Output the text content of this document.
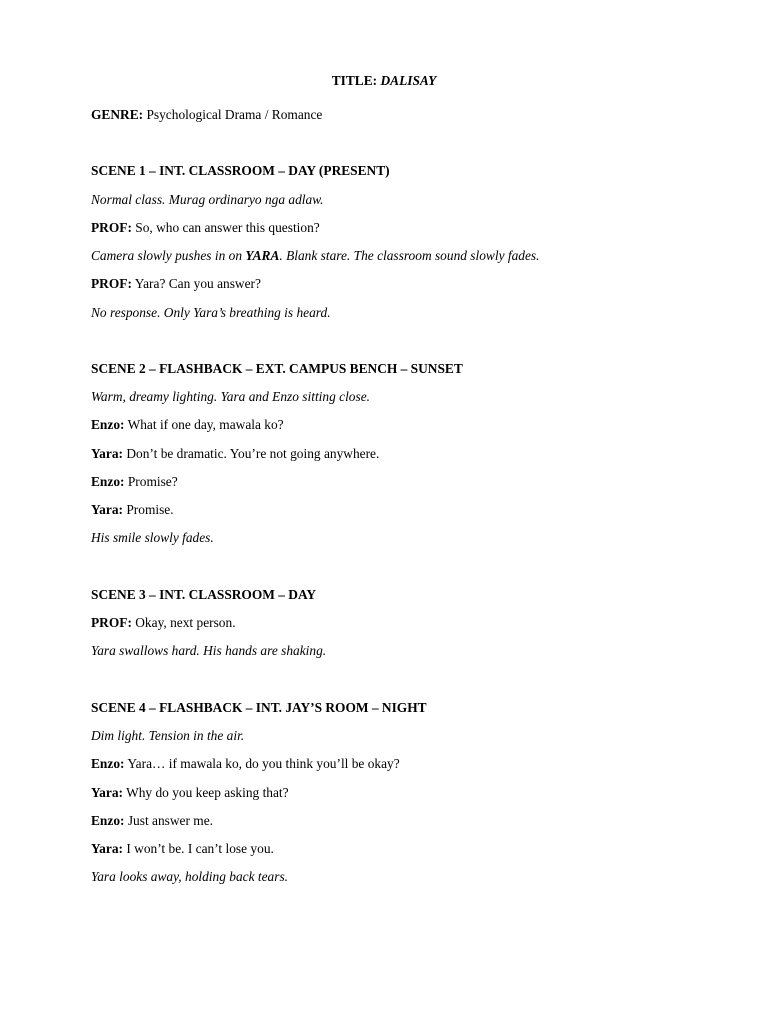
TITLE: DALISAY
GENRE: Psychological Drama / Romance
SCENE 1 – INT. CLASSROOM – DAY (PRESENT)
Normal class. Murag ordinaryo nga adlaw.
PROF: So, who can answer this question?
Camera slowly pushes in on YARA. Blank stare. The classroom sound slowly fades.
PROF: Yara? Can you answer?
No response. Only Yara’s breathing is heard.
SCENE 2 – FLASHBACK – EXT. CAMPUS BENCH – SUNSET
Warm, dreamy lighting. Yara and Enzo sitting close.
Enzo: What if one day, mawala ko?
Yara: Don’t be dramatic. You’re not going anywhere.
Enzo: Promise?
Yara: Promise.
His smile slowly fades.
SCENE 3 – INT. CLASSROOM – DAY
PROF: Okay, next person.
Yara swallows hard. His hands are shaking.
SCENE 4 – FLASHBACK – INT. JAY’S ROOM – NIGHT
Dim light. Tension in the air.
Enzo: Yara… if mawala ko, do you think you’ll be okay?
Yara: Why do you keep asking that?
Enzo: Just answer me.
Yara: I won’t be. I can’t lose you.
Yara looks away, holding back tears.
